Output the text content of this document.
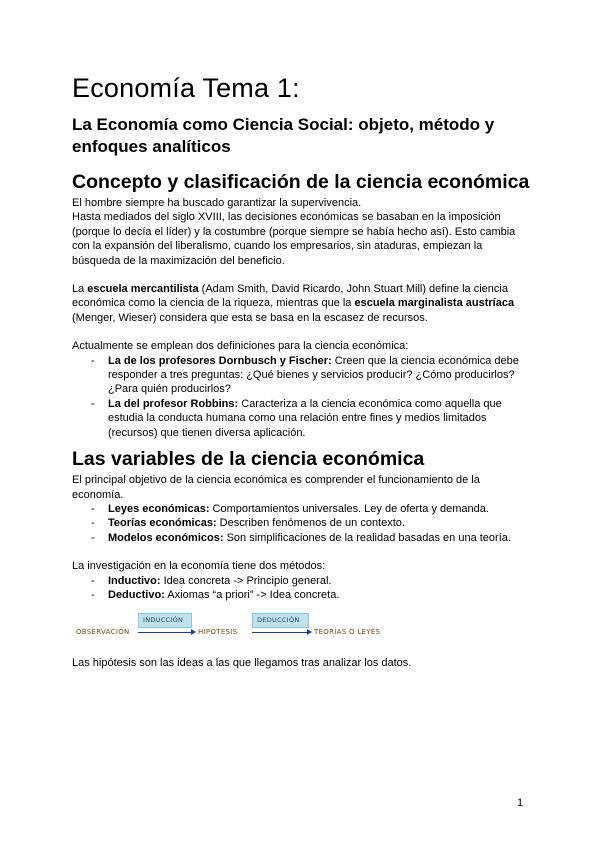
Economía Tema 1:
La Economía como Ciencia Social: objeto, método y enfoques analíticos
Concepto y clasificación de la ciencia económica

El hombre siempre ha buscado garantizar la supervivencia.

Hasta mediados del siglo XVIII, las decisiones económicas se basaban en la imposición (porque lo decía el líder) y la costumbre (porque siempre se había hecho así). Esto cambia con la expansión del liberalismo, cuando los empresarios, sin ataduras, empiezan la búsqueda de la maximización del beneficio.

La escuela mercantilista (Adam Smith, David Ricardo, John Stuart Mill) define la ciencia económica como la ciencia de la riqueza, mientras que la escuela marginalista austríaca (Menger, Wieser) considera que esta se basa en la escasez de recursos.

Actualmente se emplean dos definiciones para la ciencia económica:

- La de los profesores Dornbusch y Fischer: Creen que la ciencia económica debe responder a tres preguntas: ¿Qué bienes y servicios producir? ¿Cómo producirlos? ¿Para quién producirlos?
- La del profesor Robbins: Caracteriza a la ciencia económica como aquella que estudia la conducta humana como una relación entre fines y medios limitados (recursos) que tienen diversa aplicación.
Las variables de la ciencia económica

El principal objetivo de la ciencia económica es comprender el funcionamiento de la economía.

- Leyes económicas: Comportamientos universales. Ley de oferta y demanda.
- Teorías económicas: Describen fenómenos de un contexto.
- Modelos económicos: Son simplificaciones de la realidad basadas en una teoría.

La investigación en la economía tiene dos métodos:

- Inductivo: Idea concreta -> Principio general.
- Deductivo: Axiomas “a priori” -> Idea concreta.
OBSERVACIÓN
INDUCCIÓN
HIPÓTESIS
DEDUCCIÓN
TEORÍAS O LEYES

Las hipótesis son las ideas a las que llegamos tras analizar los datos.

1
